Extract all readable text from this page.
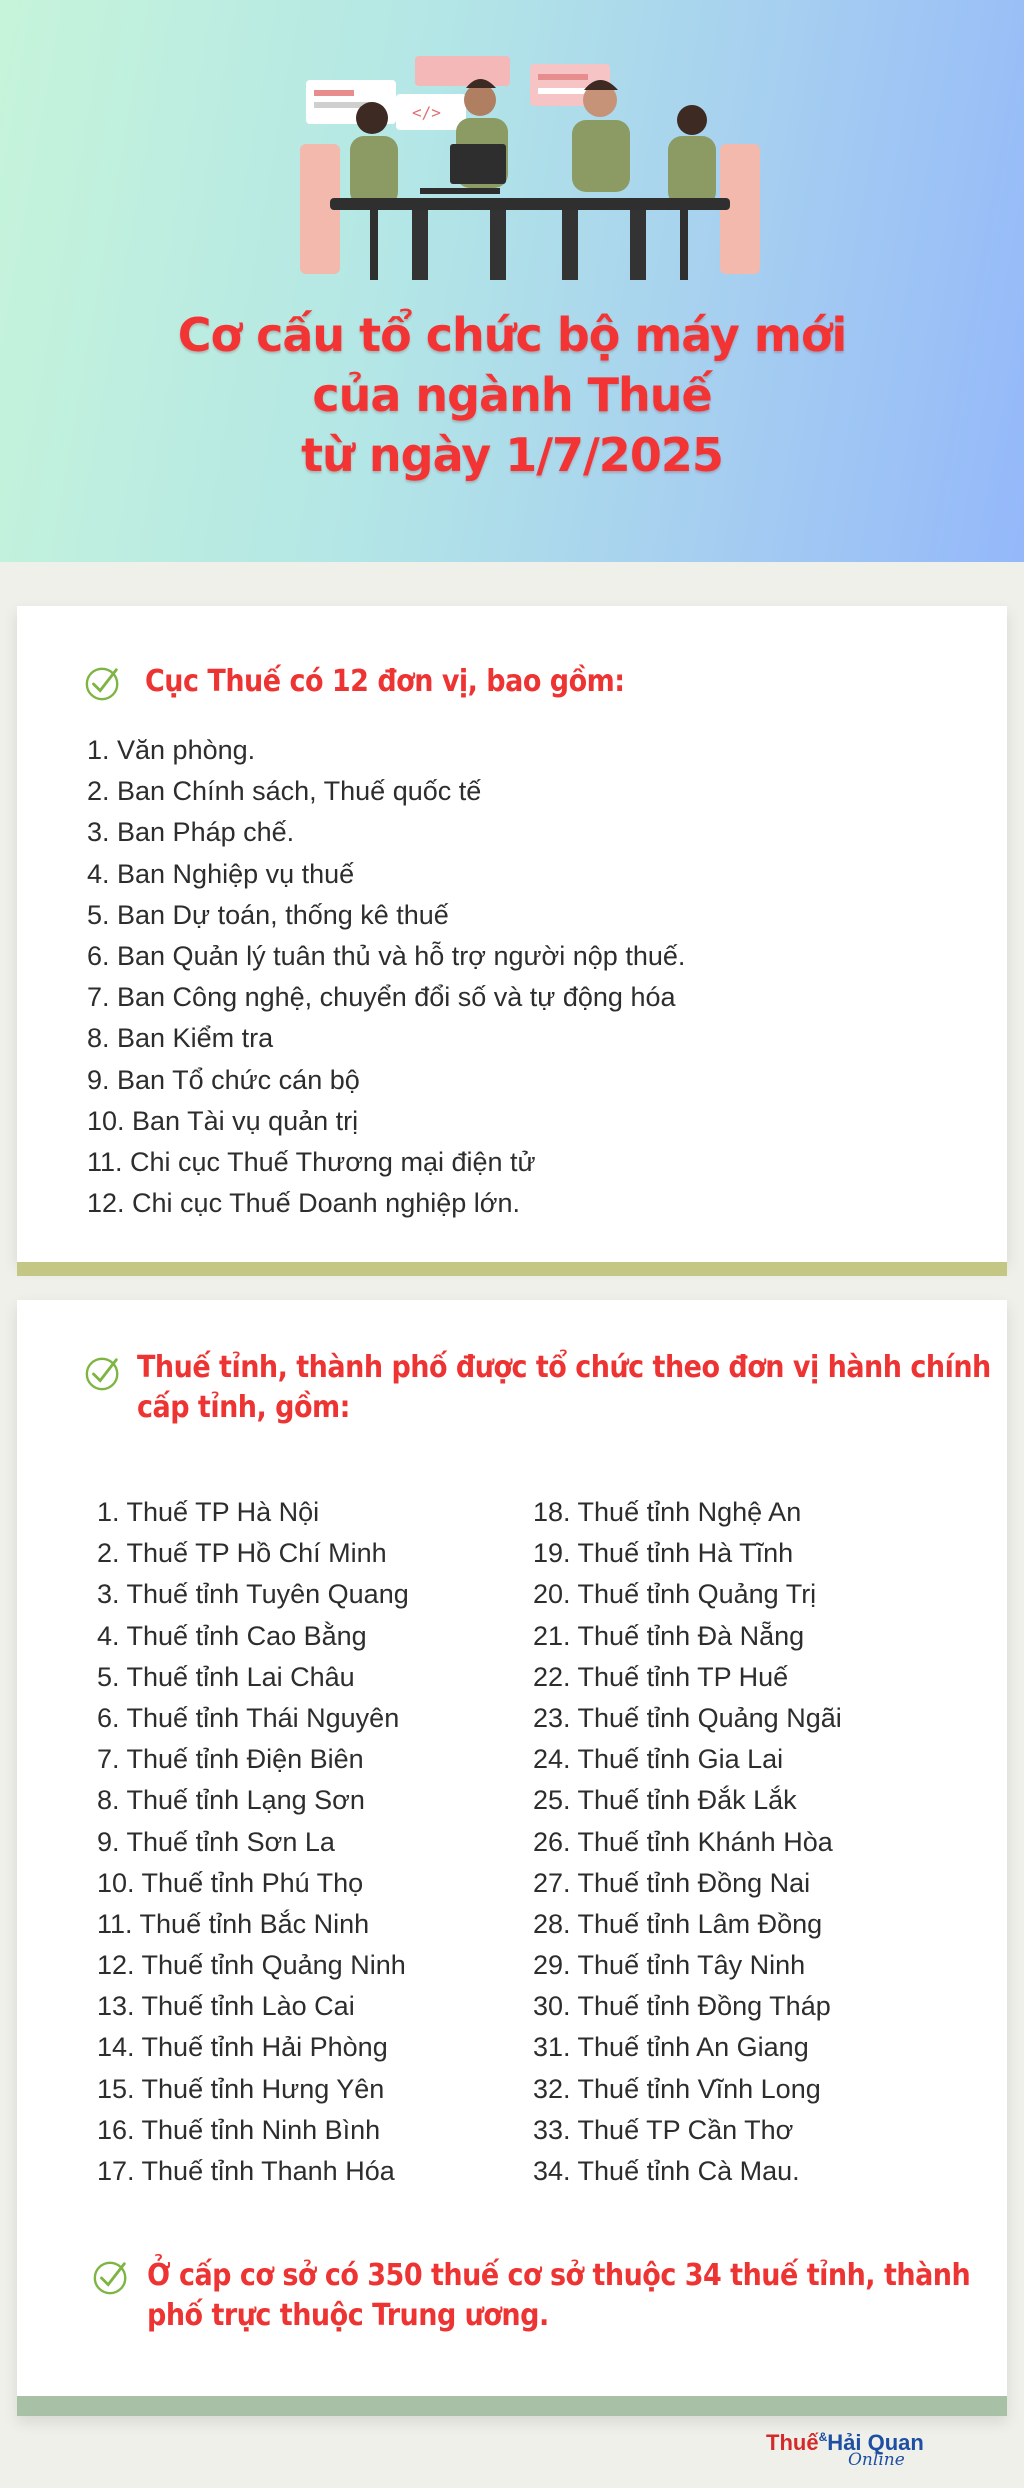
</>
Cơ cấu tổ chức bộ máy mới
của ngành Thuế
từ ngày 1/7/2025
Cục Thuế có 12 đơn vị, bao gồm:
1. Văn phòng.
2. Ban Chính sách, Thuế quốc tế
3. Ban Pháp chế.
4. Ban Nghiệp vụ thuế
5. Ban Dự toán, thống kê thuế
6. Ban Quản lý tuân thủ và hỗ trợ người nộp thuế.
7. Ban Công nghệ, chuyển đổi số và tự động hóa
8. Ban Kiểm tra
9. Ban Tổ chức cán bộ
10. Ban Tài vụ quản trị
11. Chi cục Thuế Thương mại điện tử
12. Chi cục Thuế Doanh nghiệp lớn.
Thuế tỉnh, thành phố được tổ chức theo đơn vị hành chính
cấp tỉnh, gồm:
1. Thuế TP Hà Nội
2. Thuế TP Hồ Chí Minh
3. Thuế tỉnh Tuyên Quang
4. Thuế tỉnh Cao Bằng
5. Thuế tỉnh Lai Châu
6. Thuế tỉnh Thái Nguyên
7. Thuế tỉnh Điện Biên
8. Thuế tỉnh Lạng Sơn
9. Thuế tỉnh Sơn La
10. Thuế tỉnh Phú Thọ
11. Thuế tỉnh Bắc Ninh
12. Thuế tỉnh Quảng Ninh
13. Thuế tỉnh Lào Cai
14. Thuế tỉnh Hải Phòng
15. Thuế tỉnh Hưng Yên
16. Thuế tỉnh Ninh Bình
17. Thuế tỉnh Thanh Hóa
18. Thuế tỉnh Nghệ An
19. Thuế tỉnh Hà Tĩnh
20. Thuế tỉnh Quảng Trị
21. Thuế tỉnh Đà Nẵng
22. Thuế tỉnh TP Huế
23. Thuế tỉnh Quảng Ngãi
24. Thuế tỉnh Gia Lai
25. Thuế tỉnh Đắk Lắk
26. Thuế tỉnh Khánh Hòa
27. Thuế tỉnh Đồng Nai
28. Thuế tỉnh Lâm Đồng
29. Thuế tỉnh Tây Ninh
30. Thuế tỉnh Đồng Tháp
31. Thuế tỉnh An Giang
32. Thuế tỉnh Vĩnh Long
33. Thuế TP Cần Thơ
34. Thuế tỉnh Cà Mau.
Ở cấp cơ sở có 350 thuế cơ sở thuộc 34 thuế tỉnh, thành
phố trực thuộc Trung ương.
Thuế&Hải Quan
Online
